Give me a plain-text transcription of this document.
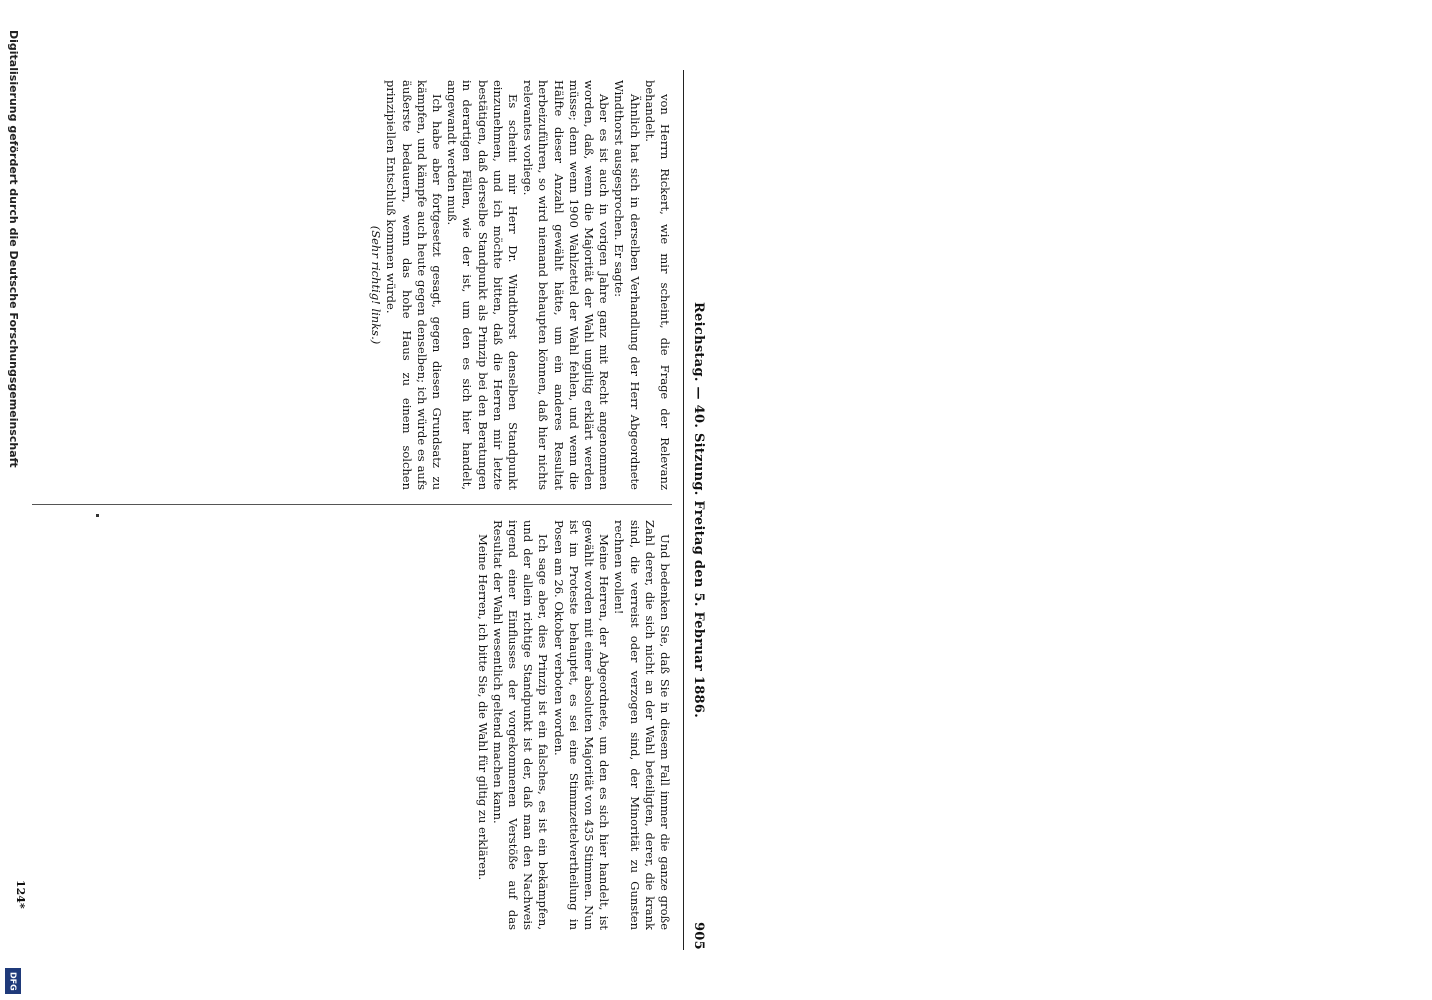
Reichstag. — 40. Sitzung. Freitag den 5. Februar 1886.
905

von Herrn Rickert, wie mir scheint, die Frage der Relevanz behandelt.

Ähnlich hat sich in derselben Verhandlung der Herr Abgeordnete Windthorst ausgesprochen. Er sagte:

Aber es ist auch in vorigen Jahre ganz mit Recht angenommen worden, daß, wenn die Majorität der Wahl ungiltig erklärt werden müsse; denn wenn 1900 Wahlzettel der Wahl fehlen, und wenn die Hälfte dieser Anzahl gewählt hätte, um ein anderes Resultat herbeizuführen, so wird niemand behaupten können, daß hier nichts relevantes vorliege.

Es scheint mir Herr Dr. Windthorst denselben Standpunkt einzunehmen, und ich möchte bitten, daß die Herren mir letzte bestätigen, daß derselbe Standpunkt als Prinzip bei den Beratungen in derartigen Fällen, wie der ist, um den es sich hier handelt, angewandt werden muß.

Ich habe aber fortgesetzt gesagt, gegen diesen Grundsatz zu kämpfen, und kämpfe auch heute gegen denselben; ich würde es aufs äußerste bedauern, wenn das hohe Haus zu einem solchen prinzipiellen Entschluß kommen würde.

(Sehr richtig! links.)

Und bedenken Sie, daß Sie in diesem Fall immer die ganze große Zahl derer, die sich nicht an der Wahl beteiligten, derer, die krank sind, die verreist oder verzogen sind, der Minorität zu Gunsten rechnen wollen!

Meine Herren, der Abgeordnete, um den es sich hier handelt, ist gewählt worden mit einer absoluten Majorität von 435 Stimmen. Nun ist im Proteste behauptet, es sei eine Stimmzettelvertheilung in Posen am 26. Oktober verboten worden.

Ich sage aber, dies Prinzip ist ein falsches, es ist ein bekämpfen, und der allein richtige Standpunkt ist der, daß man den Nachweis irgend einer Einflusses der vorgekommenen Verstöße auf das Resultat der Wahl wesentlich geltend machen kann.

Meine Herren, ich bitte Sie, die Wahl für giltig zu erklären.

124*
Digitalisierung gefördert durch die Deutsche Forschungsgemeinschaft
DFG
